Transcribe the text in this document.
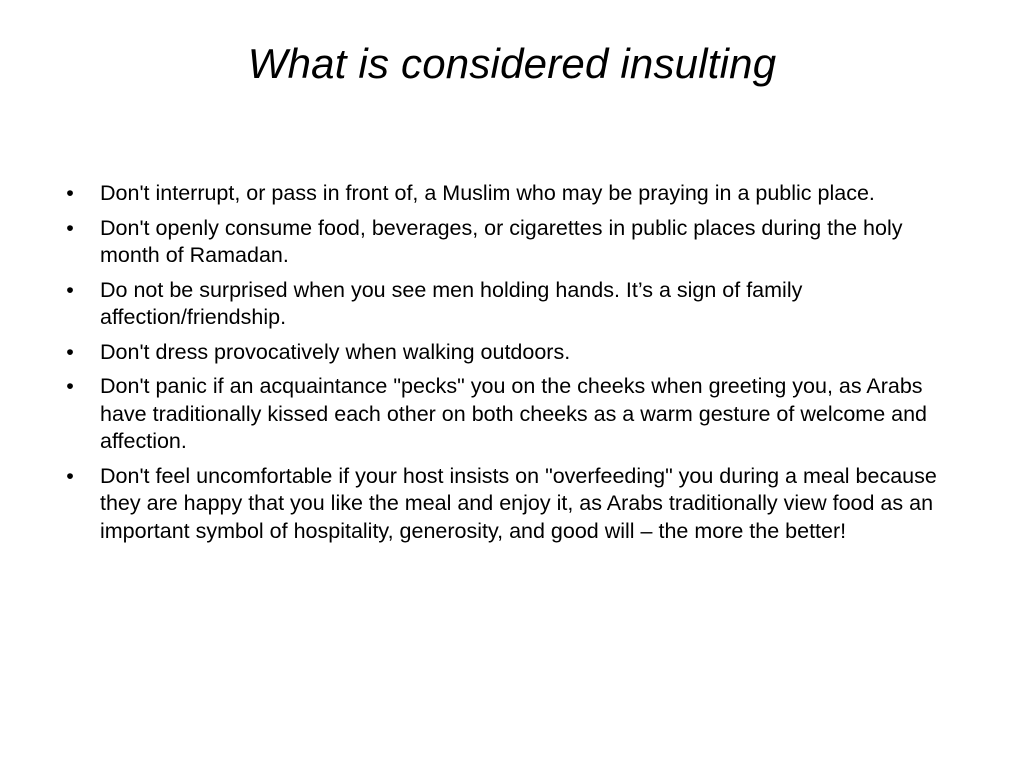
What is considered insulting
• Don't interrupt, or pass in front of, a Muslim who may be praying in a public place.
• Don't openly consume food, beverages, or cigarettes in public places during the holy month of Ramadan.
• Do not be surprised when you see men holding hands. It’s a sign of family affection/friendship.
• Don't dress provocatively when walking outdoors.
• Don't panic if an acquaintance "pecks" you on the cheeks when greeting you, as Arabs have traditionally kissed each other on both cheeks as a warm gesture of welcome and affection.
• Don't feel uncomfortable if your host insists on "overfeeding" you during a meal because they are happy that you like the meal and enjoy it, as Arabs traditionally view food as an important symbol of hospitality, generosity, and good will – the more the better!
